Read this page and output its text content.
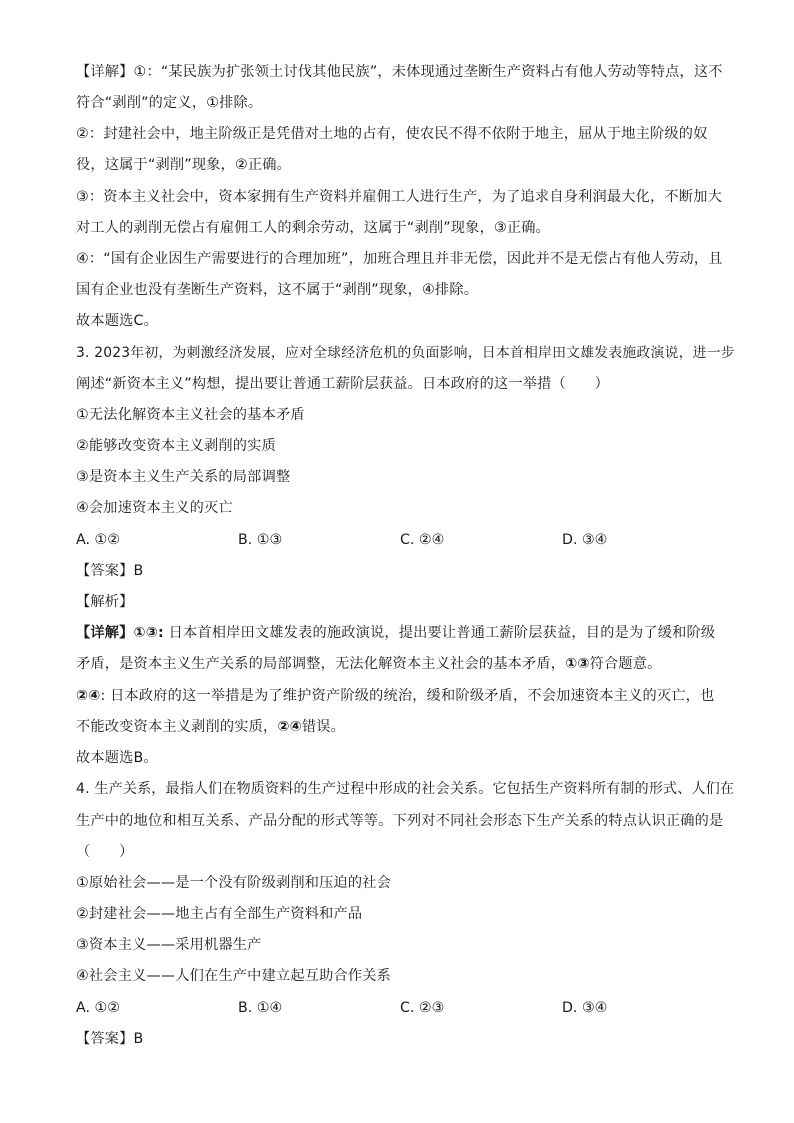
【详解】①：“某民族为扩张领土讨伐其他民族”，未体现通过垄断生产资料占有他人劳动等特点，这不
符合“剥削”的定义，①排除。
②：封建社会中，地主阶级正是凭借对土地的占有，使农民不得不依附于地主，屈从于地主阶级的奴
役，这属于“剥削”现象，②正确。
③：资本主义社会中，资本家拥有生产资料并雇佣工人进行生产，为了追求自身利润最大化，不断加大
对工人的剥削无偿占有雇佣工人的剩余劳动，这属于“剥削”现象，③正确。
④：“国有企业因生产需要进行的合理加班”，加班合理且并非无偿，因此并不是无偿占有他人劳动，且
国有企业也没有垄断生产资料，这不属于“剥削”现象，④排除。
故本题选C。
3. 2023年初，为刺激经济发展，应对全球经济危机的负面影响，日本首相岸田文雄发表施政演说，进一步
阐述“新资本主义”构想，提出要让普通工薪阶层获益。日本政府的这一举措（　　）
①无法化解资本主义社会的基本矛盾
②能够改变资本主义剥削的实质
③是资本主义生产关系的局部调整
④会加速资本主义的灭亡
A. ①②	B. ①③	C. ②④	D. ③④
【答案】B
【解析】
【详解】①③: 日本首相岸田文雄发表的施政演说，提出要让普通工薪阶层获益，目的是为了缓和阶级
矛盾，是资本主义生产关系的局部调整，无法化解资本主义社会的基本矛盾，①③符合题意。
②④: 日本政府的这一举措是为了维护资产阶级的统治，缓和阶级矛盾，不会加速资本主义的灭亡，也
不能改变资本主义剥削的实质，②④错误。
故本题选B。
4. 生产关系，最指人们在物质资料的生产过程中形成的社会关系。它包括生产资料所有制的形式、人们在
生产中的地位和相互关系、产品分配的形式等等。下列对不同社会形态下生产关系的特点认识正确的是
（　　）
①原始社会——是一个没有阶级剥削和压迫的社会
②封建社会——地主占有全部生产资料和产品
③资本主义——采用机器生产
④社会主义——人们在生产中建立起互助合作关系
A. ①②	B. ①④	C. ②③	D. ③④
【答案】B
